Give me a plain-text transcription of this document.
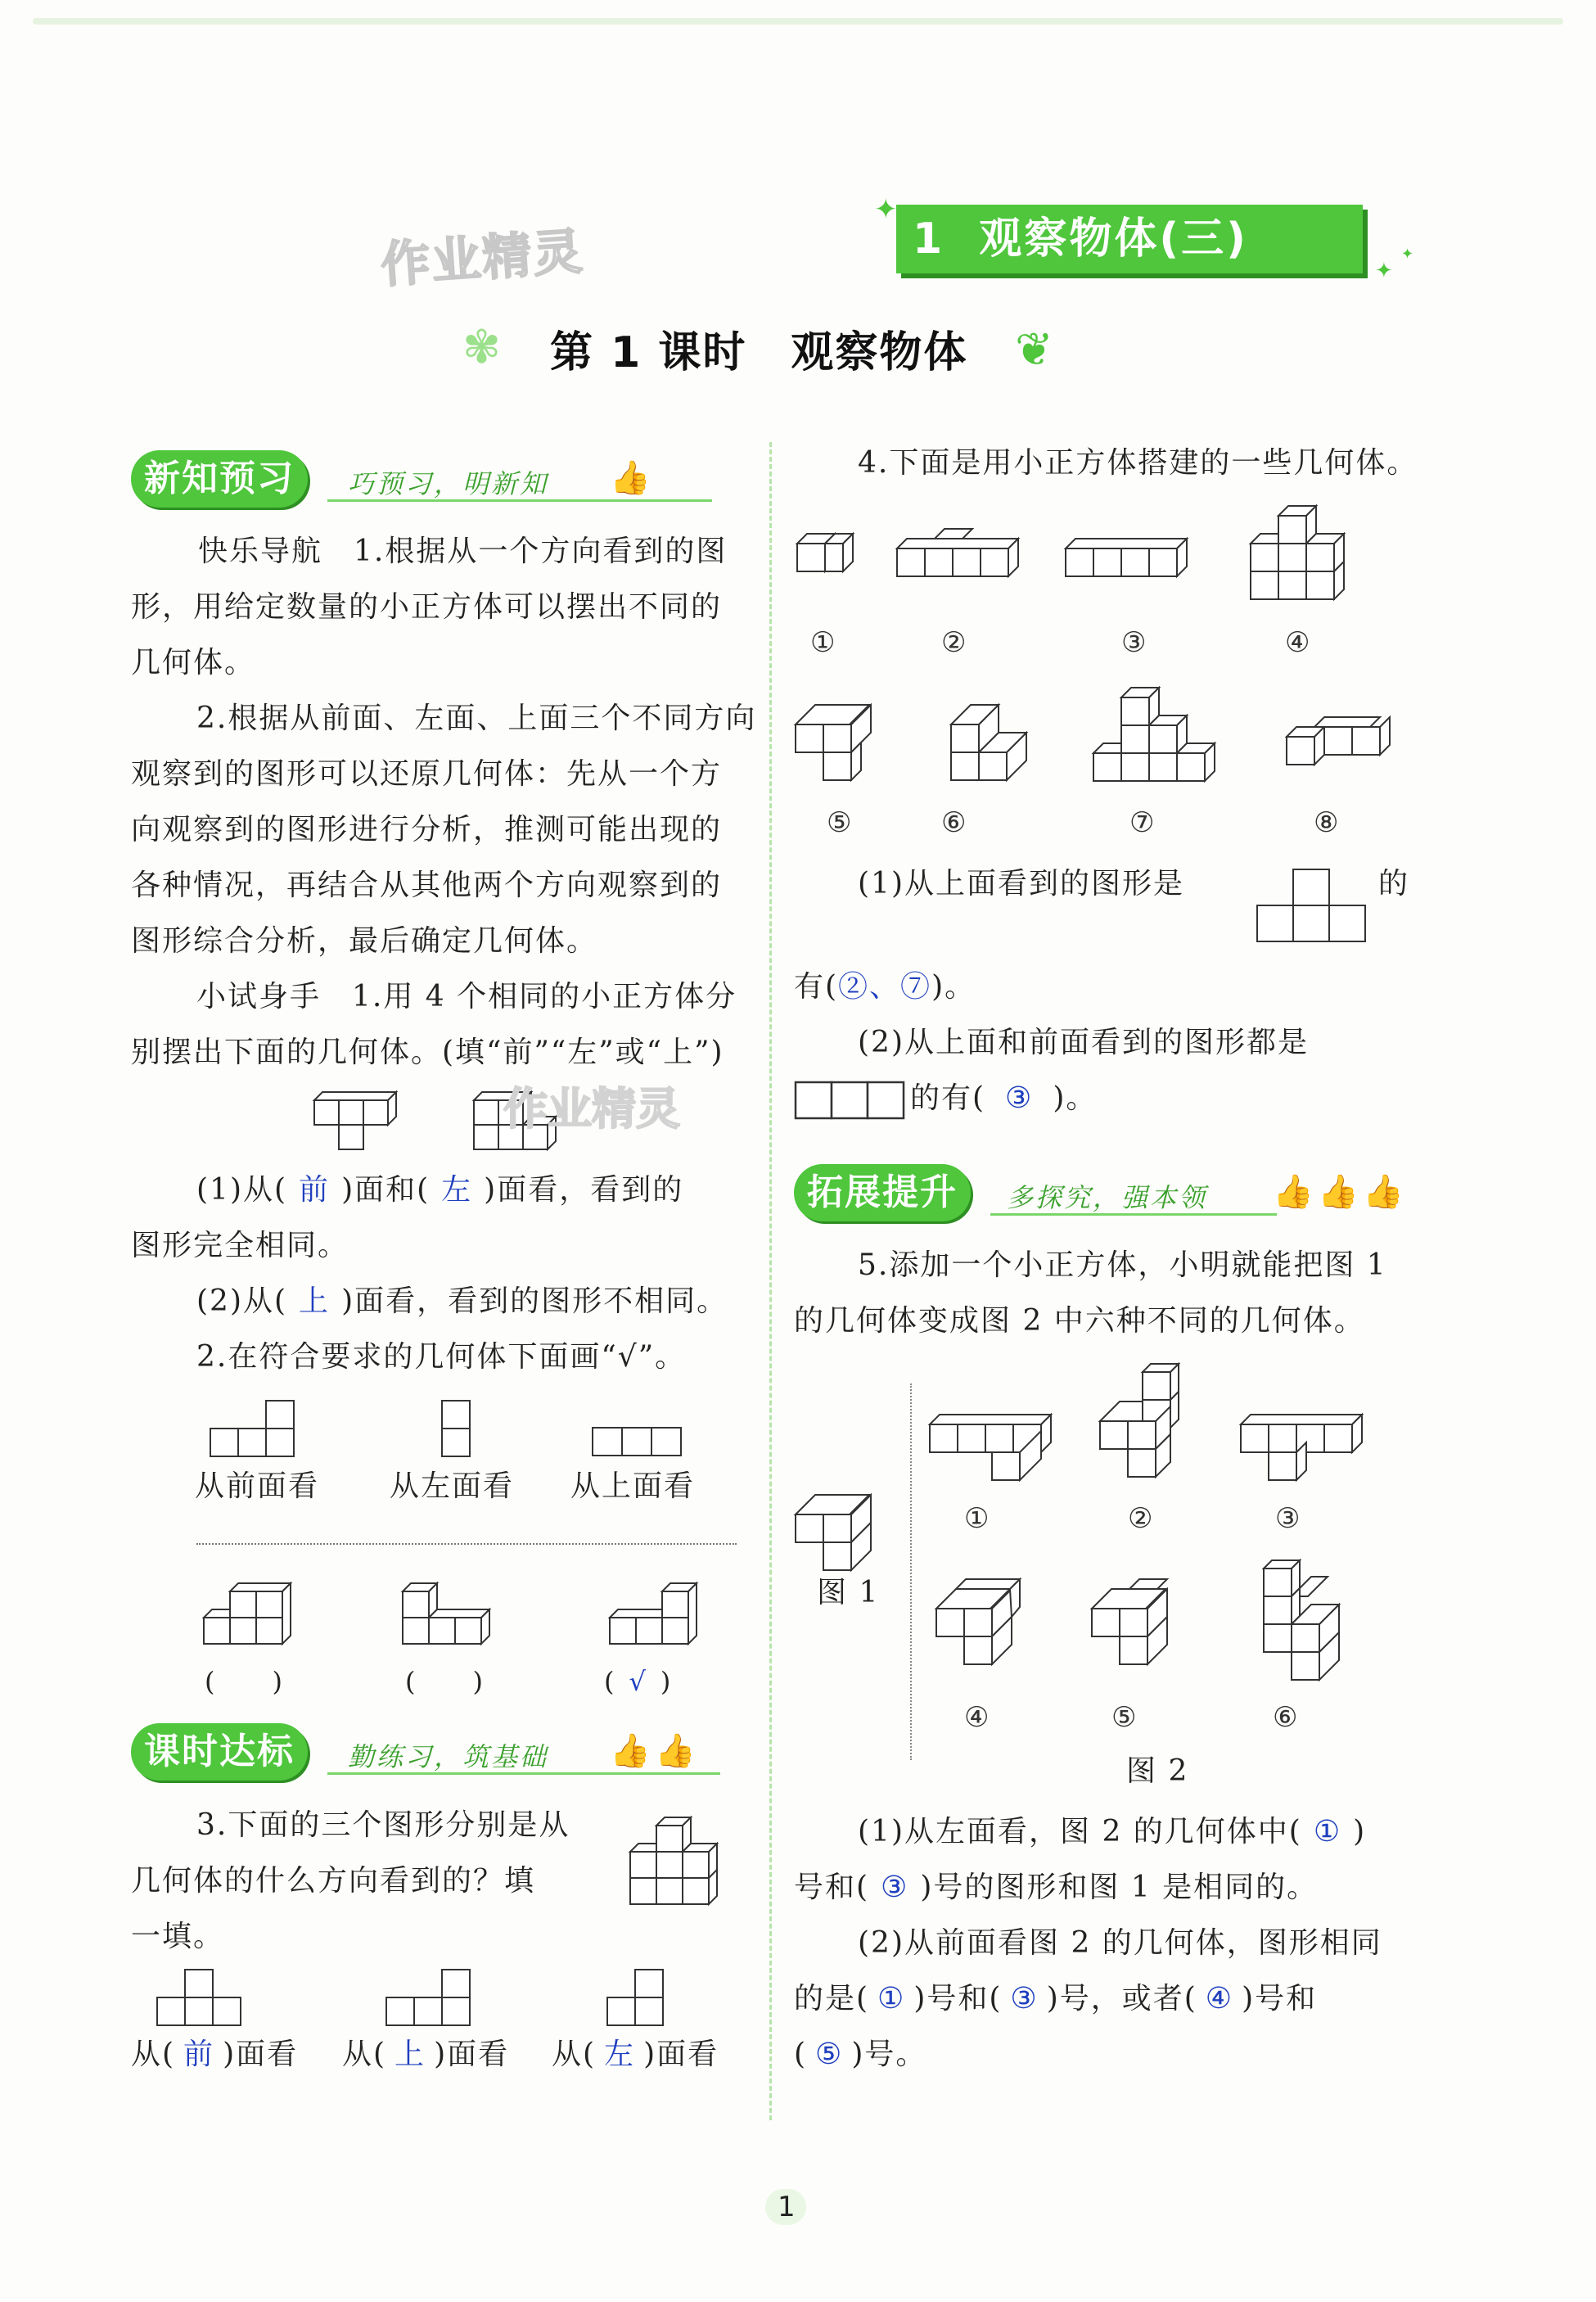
作业精灵	1  观察物体(三)
✦
✦
✦
✾ 第 1 课时　观察物体 ❦
新知预习	巧预习，明新知 👍
快乐导航　1.根据从一个方向看到的图
形，用给定数量的小正方体可以摆出不同的
几何体。
2.根据从前面、左面、上面三个不同方向
观察到的图形可以还原几何体：先从一个方
向观察到的图形进行分析，推测可能出现的
各种情况，再结合从其他两个方向观察到的
图形综合分析，最后确定几何体。
小试身手　1.用 4 个相同的小正方体分
别摆出下面的几何体。(填“前”“左”或“上”)
作业精灵
(1)从( 前 )面和( 左 )面看，看到的
图形完全相同。
(2)从( 上 )面看，看到的图形不相同。
2.在符合要求的几何体下面画“√”。
从前面看 从左面看 从上面看
(　　)	(　　)	( √ )
课时达标	勤练习，筑基础 👍 👍
3.下面的三个图形分别是从
几何体的什么方向看到的？填
一填。
从( 前 )面看 从( 上 )面看 从( 左 )面看
4.下面是用小正方体搭建的一些几何体。
①	②	③	④
⑤	⑥	⑦	⑧
(1)从上面看到的图形是	的
有(②、⑦)。
(2)从上面和前面看到的图形都是
的有( ③ )。
拓展提升	多探究，强本领 👍 👍 👍
5.添加一个小正方体，小明就能把图 1
的几何体变成图 2 中六种不同的几何体。
图 1
①	②	③
④	⑤	⑥
图 2
(1)从左面看，图 2 的几何体中( ① )
号和( ③ )号的图形和图 1 是相同的。
(2)从前面看图 2 的几何体，图形相同
的是( ① )号和( ③ )号，或者( ④ )号和
( ⑤ )号。
1
